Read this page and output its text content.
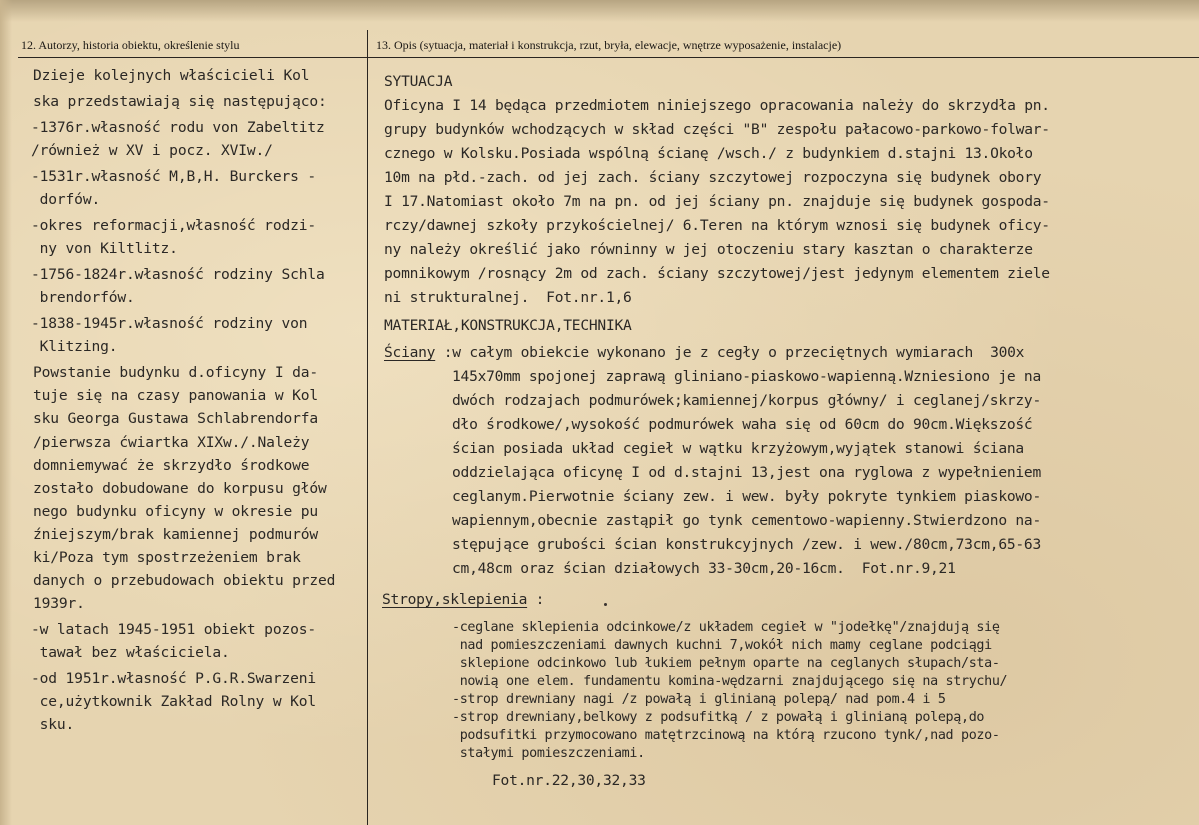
12. Autorzy, historia obiektu, określenie stylu	13. Opis (sytuacja, materiał i konstrukcja, rzut, bryła, elewacje, wnętrze wyposażenie, instalacje)
Dzieje kolejnych właścicieli Kol
ska przedstawiają się następująco:
-1376r.własność rodu von Zabeltitz
/również w XV i pocz. XVIw./
-1531r.własność M,B,H. Burckers -
dorfów.
-okres reformacji,własność rodzi-
ny von Kiltlitz.
-1756-1824r.własność rodziny Schla
brendorfów.
-1838-1945r.własność rodziny von
Klitzing.
Powstanie budynku d.oficyny I da-
tuje się na czasy panowania w Kol
sku Georga Gustawa Schlabrendorfa
/pierwsza ćwiartka XIXw./.Należy
domniemywać że skrzydło środkowe
zostało dobudowane do korpusu głów
nego budynku oficyny w okresie pu
źniejszym/brak kamiennej podmurów
ki/Poza tym spostrzeżeniem brak
danych o przebudowach obiektu przed
1939r.
-w latach 1945-1951 obiekt pozos-
tawał bez właściciela.
-od 1951r.własność P.G.R.Swarzeni
ce,użytkownik Zakład Rolny w Kol
sku.
SYTUACJA
Oficyna I 14 będąca przedmiotem niniejszego opracowania należy do skrzydła pn.
grupy budynków wchodzących w skład części "B" zespołu pałacowo-parkowo-folwar-
cznego w Kolsku.Posiada wspólną ścianę /wsch./ z budynkiem d.stajni 13.Około
10m na płd.-zach. od jej zach. ściany szczytowej rozpoczyna się budynek obory
I 17.Natomiast około 7m na pn. od jej ściany pn. znajduje się budynek gospoda-
rczy/dawnej szkoły przykościelnej/ 6.Teren na którym wznosi się budynek oficy-
ny należy określić jako równinny w jej otoczeniu stary kasztan o charakterze
pomnikowym /rosnący 2m od zach. ściany szczytowej/jest jedynym elementem ziele
ni strukturalnej.  Fot.nr.1,6
MATERIAŁ,KONSTRUKCJA,TECHNIKA
Ściany :w całym obiekcie wykonano je z cegły o przeciętnych wymiarach  300x
145x70mm spojonej zaprawą gliniano-piaskowo-wapienną.Wzniesiono je na
dwóch rodzajach podmurówek;kamiennej/korpus główny/ i ceglanej/skrzy-
dło środkowe/,wysokość podmurówek waha się od 60cm do 90cm.Większość
ścian posiada układ cegieł w wątku krzyżowym,wyjątek stanowi ściana
oddzielająca oficynę I od d.stajni 13,jest ona ryglowa z wypełnieniem
ceglanym.Pierwotnie ściany zew. i wew. były pokryte tynkiem piaskowo-
wapiennym,obecnie zastąpił go tynk cementowo-wapienny.Stwierdzono na-
stępujące grubości ścian konstrukcyjnych /zew. i wew./80cm,73cm,65-63
cm,48cm oraz ścian działowych 33-30cm,20-16cm.  Fot.nr.9,21
Stropy,sklepienia :
-ceglane sklepienia odcinkowe/z układem cegieł w "jodełkę"/znajdują się
nad pomieszczeniami dawnych kuchni 7,wokół nich mamy ceglane podciągi
sklepione odcinkowo lub łukiem pełnym oparte na ceglanych słupach/sta-
nowią one elem. fundamentu komina-wędzarni znajdującego się na strychu/
-strop drewniany nagi /z powałą i glinianą polepą/ nad pom.4 i 5
-strop drewniany,belkowy z podsufitką / z powałą i glinianą polepą,do
podsufitki przymocowano matętrzcinową na którą rzucono tynk/,nad pozo-
stałymi pomieszczeniami.
Fot.nr.22,30,32,33
